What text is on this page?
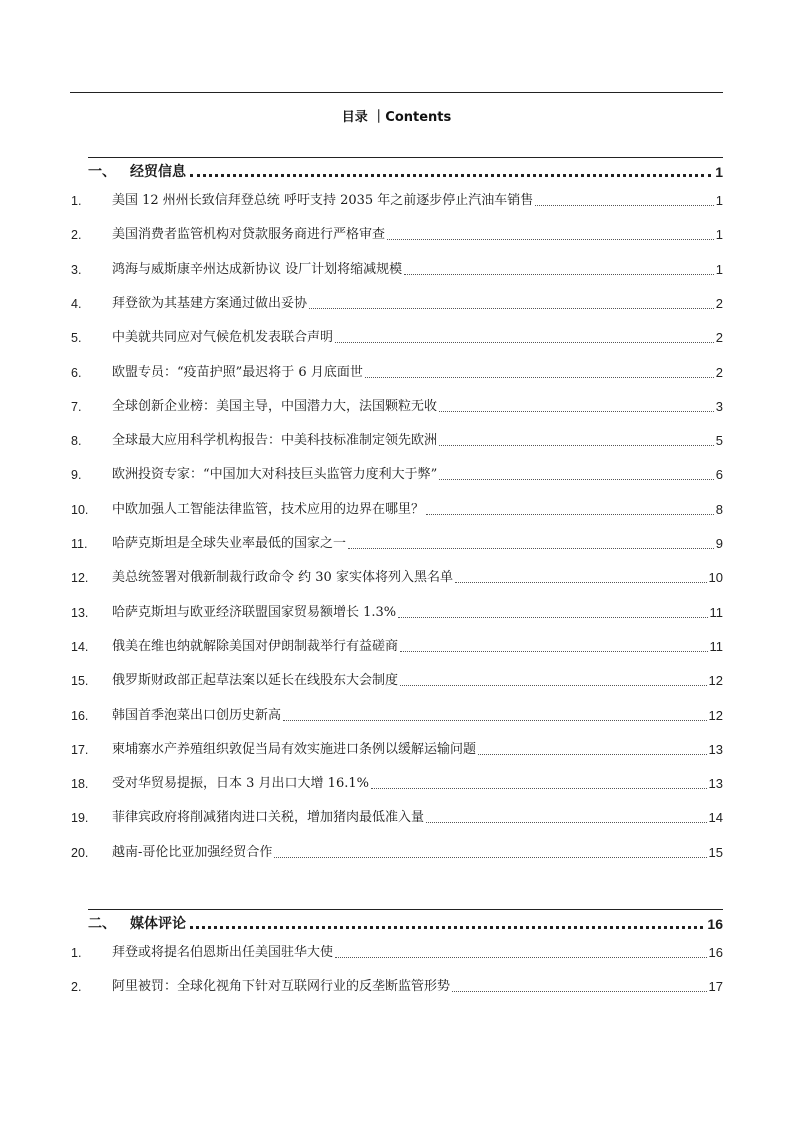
目录 ｜Contents
一、	经贸信息	1
1.	美国 12 州州长致信拜登总统 呼吁支持 2035 年之前逐步停止汽油车销售	1
2.	美国消费者监管机构对贷款服务商进行严格审查	1
3.	鸿海与威斯康辛州达成新协议 设厂计划将缩减规模	1
4.	拜登欲为其基建方案通过做出妥协	2
5.	中美就共同应对气候危机发表联合声明	2
6.	欧盟专员：“疫苗护照”最迟将于 6 月底面世	2
7.	全球创新企业榜：美国主导，中国潜力大，法国颗粒无收	3
8.	全球最大应用科学机构报告：中美科技标准制定领先欧洲	5
9.	欧洲投资专家：“中国加大对科技巨头监管力度利大于弊”	6
10.	中欧加强人工智能法律监管，技术应用的边界在哪里？	8
11.	哈萨克斯坦是全球失业率最低的国家之一	9
12.	美总统签署对俄新制裁行政命令 约 30 家实体将列入黑名单	10
13.	哈萨克斯坦与欧亚经济联盟国家贸易额增长 1.3%	11
14.	俄美在维也纳就解除美国对伊朗制裁举行有益磋商	11
15.	俄罗斯财政部正起草法案以延长在线股东大会制度	12
16.	韩国首季泡菜出口创历史新高	12
17.	柬埔寨水产养殖组织敦促当局有效实施进口条例以缓解运输问题	13
18.	受对华贸易提振，日本 3 月出口大增 16.1%	13
19.	菲律宾政府将削减猪肉进口关税，增加猪肉最低准入量	14
20.	越南-哥伦比亚加强经贸合作	15
二、	媒体评论	16
1.	拜登或将提名伯恩斯出任美国驻华大使	16
2.	阿里被罚：全球化视角下针对互联网行业的反垄断监管形势	17
